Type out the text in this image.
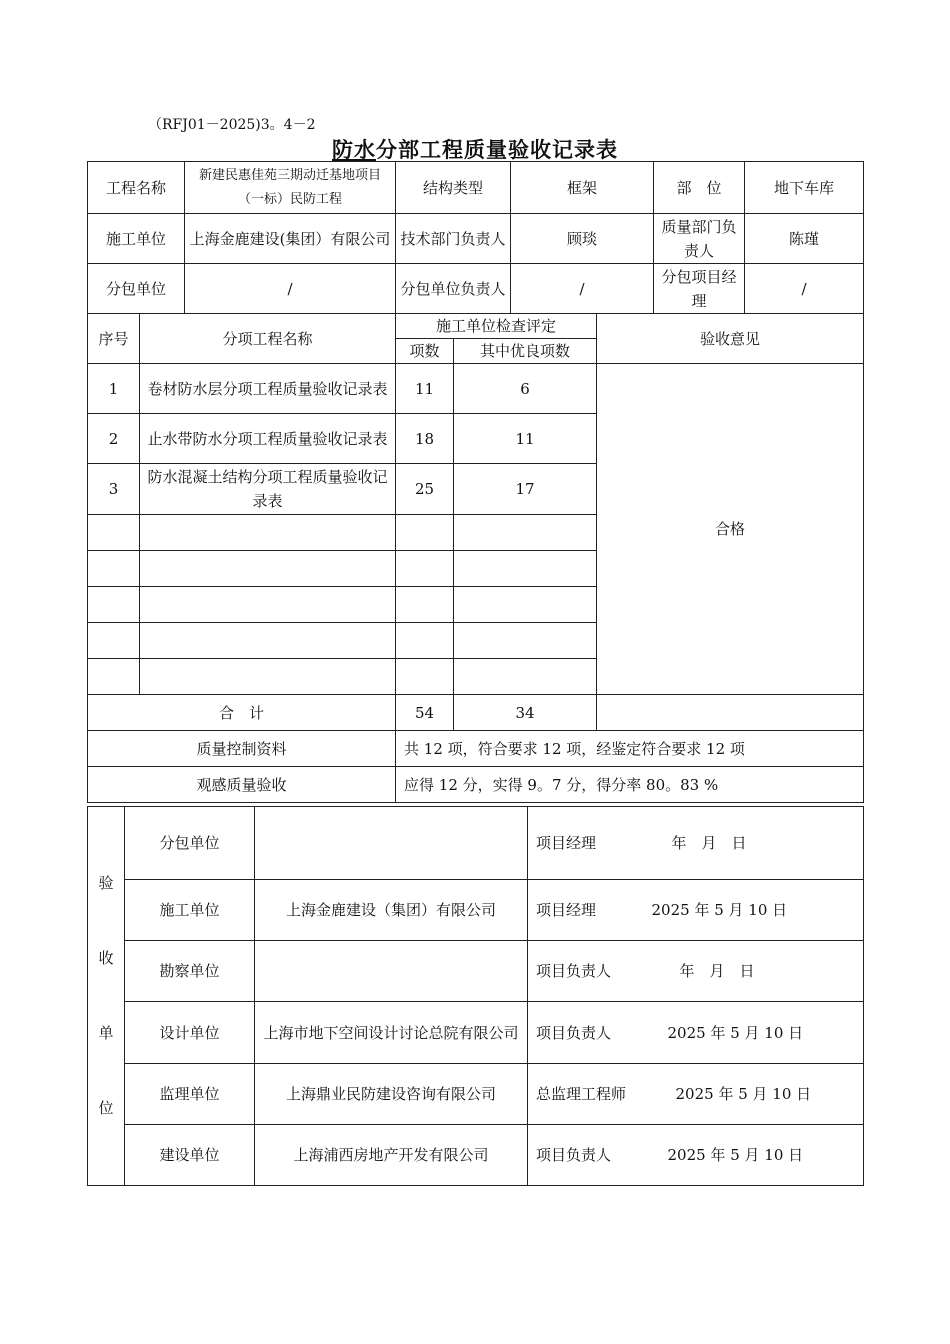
（RFJ01－2025)3。4－2
防水分部工程质量验收记录表
工程名称		新建民惠佳苑三期动迁基地项目（一标）民防工程	结构类型		框架		部　位	地下车库
施工单位		上海金鹿建设(集团）有限公司	技术部门负责人		顾琰		质量部门负责人	陈瑾
分包单位		/	分包单位负责人		/		分包项目经　理	/
序号	分项工程名称		施工单位检查评定			验收意见		
			项数	其中优良项数				
1	卷材防水层分项工程质量验收记录表		11	6		合格		
2	止水带防水分项工程质量验收记录表		18	11				
3	防水混凝土结构分项工程质量验收记录表		25	17				

合　计			54	34				
质量控制资料			共 12 项，符合要求 12 项，经鉴定符合要求 12 项					
观感质量验收			应得 12 分，实得 9。7 分，得分率 80。83 %					
验
收
单
位	分包单位		项目经理	年　月　日
	施工单位	上海金鹿建设（集团）有限公司	项目经理	2025 年 5 月 10 日
	勘察单位		项目负责人	年　月　日
	设计单位	上海市地下空间设计讨论总院有限公司	项目负责人	2025 年 5 月 10 日
	监理单位	上海鼎业民防建设咨询有限公司	总监理工程师	2025 年 5 月 10 日
	建设单位	上海浦西房地产开发有限公司	项目负责人	2025 年 5 月 10 日
